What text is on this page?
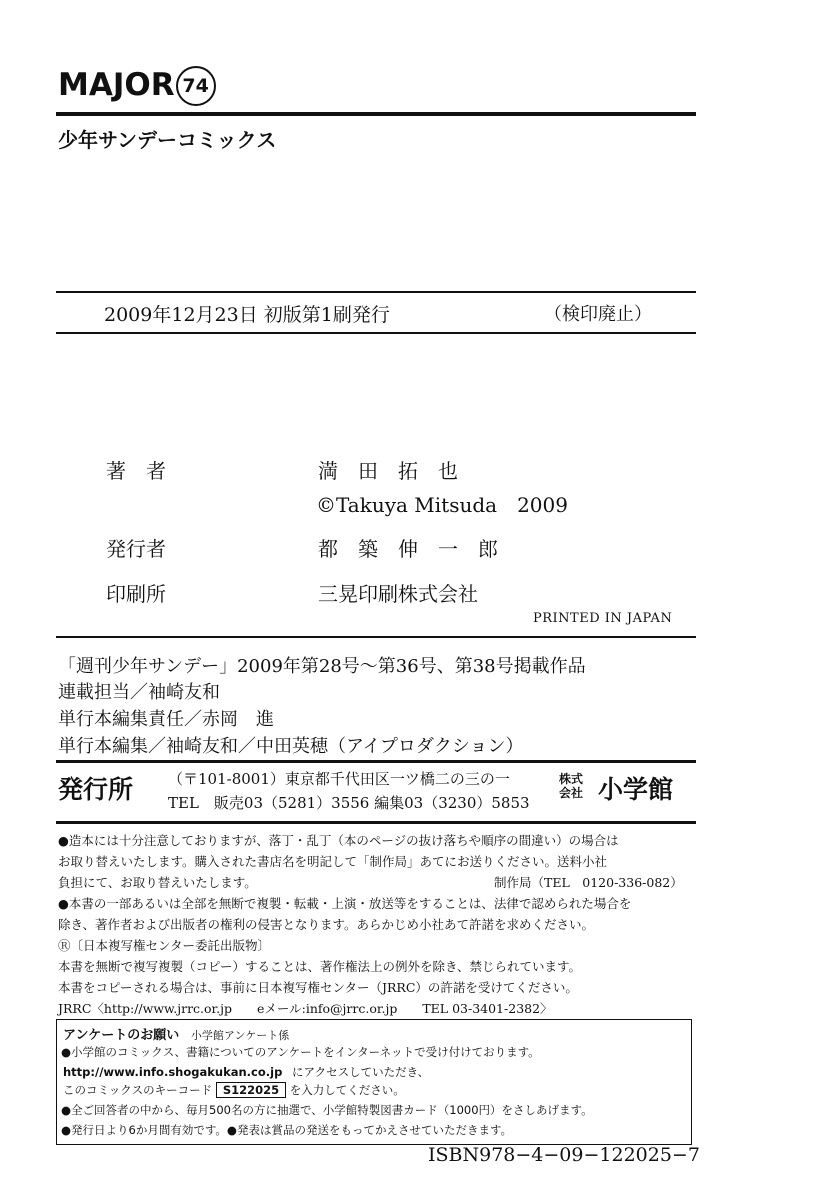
MAJOR 74
少年サンデーコミックス
2009年12月23日 初版第1刷発行	（検印廃止）
著　者	満　田　拓　也
©Takuya Mitsuda　2009
発行者	都　築　伸　一　郎
印刷所	三晃印刷株式会社
PRINTED IN JAPAN
「週刊少年サンデー」2009年第28号～第36号、第38号掲載作品
連載担当／袖崎友和
単行本編集責任／赤岡　進
単行本編集／袖崎友和／中田英穂（アイプロダクション）
発行所 （〒101-8001）東京都千代田区一ツ橋二の三の一
TEL　販売03（5281）3556 編集03（3230）5853
株式会社 小学館
●造本には十分注意しておりますが、落丁・乱丁（本のページの抜け落ちや順序の間違い）の場合は
お取り替えいたします。購入された書店名を明記して「制作局」あてにお送りください。送料小社
負担にて、お取り替えいたします。	制作局（TEL　0120-336-082）
●本書の一部あるいは全部を無断で複製・転載・上演・放送等をすることは、法律で認められた場合を
除き、著作者および出版者の権利の侵害となります。あらかじめ小社あて許諾を求めください。
Ⓡ〔日本複写権センター委託出版物〕
本書を無断で複写複製（コピー）することは、著作権法上の例外を除き、禁じられています。
本書をコピーされる場合は、事前に日本複写権センター（JRRC）の許諾を受けてください。
JRRC〈http://www.jrrc.or.jp　　eメール:info@jrrc.or.jp　　TEL 03-3401-2382〉
アンケートのお願い 小学館アンケート係
●小学館のコミックス、書籍についてのアンケートをインターネットで受け付けております。
http://www.info.shogakukan.co.jp にアクセスしていただき、
このコミックスのキーコード S122025 を入力してください。
●全ご回答者の中から、毎月500名の方に抽選で、小学館特製図書カード（1000円）をさしあげます。
●発行日より6か月間有効です。●発表は賞品の発送をもってかえさせていただきます。
ISBN978−4−09−122025−7
